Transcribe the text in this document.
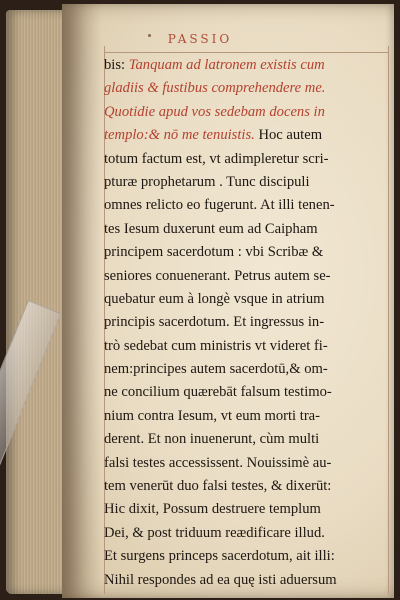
PASSIO
bis: Tanquam ad latronem existis cum
gladiis & fustibus comprehendere me.
Quotidie apud vos sedebam docens in
templo:& nō me tenuistis. Hoc autem
totum factum est, vt adimpleretur scri-
pturæ prophetarum . Tunc discipuli
omnes relicto eo fugerunt. At illi tenen-
tes Iesum duxerunt eum ad Caipham
principem sacerdotum : vbi Scribæ &
seniores conuenerant. Petrus autem se-
quebatur eum à longè vsque in atrium
principis sacerdotum. Et ingressus in-
trò sedebat cum ministris vt videret fi-
nem:principes autem sacerdotū,& om-
ne concilium quærebāt falsum testimo-
nium contra Iesum, vt eum morti tra-
derent. Et non inuenerunt, cùm multi
falsi testes accessissent. Nouissimè au-
tem venerūt duo falsi testes, & dixerūt:
Hic dixit, Possum destruere templum
Dei, & post triduum reædificare illud.
Et surgens princeps sacerdotum, ait illi:
Nihil respondes ad ea quę isti aduersum
